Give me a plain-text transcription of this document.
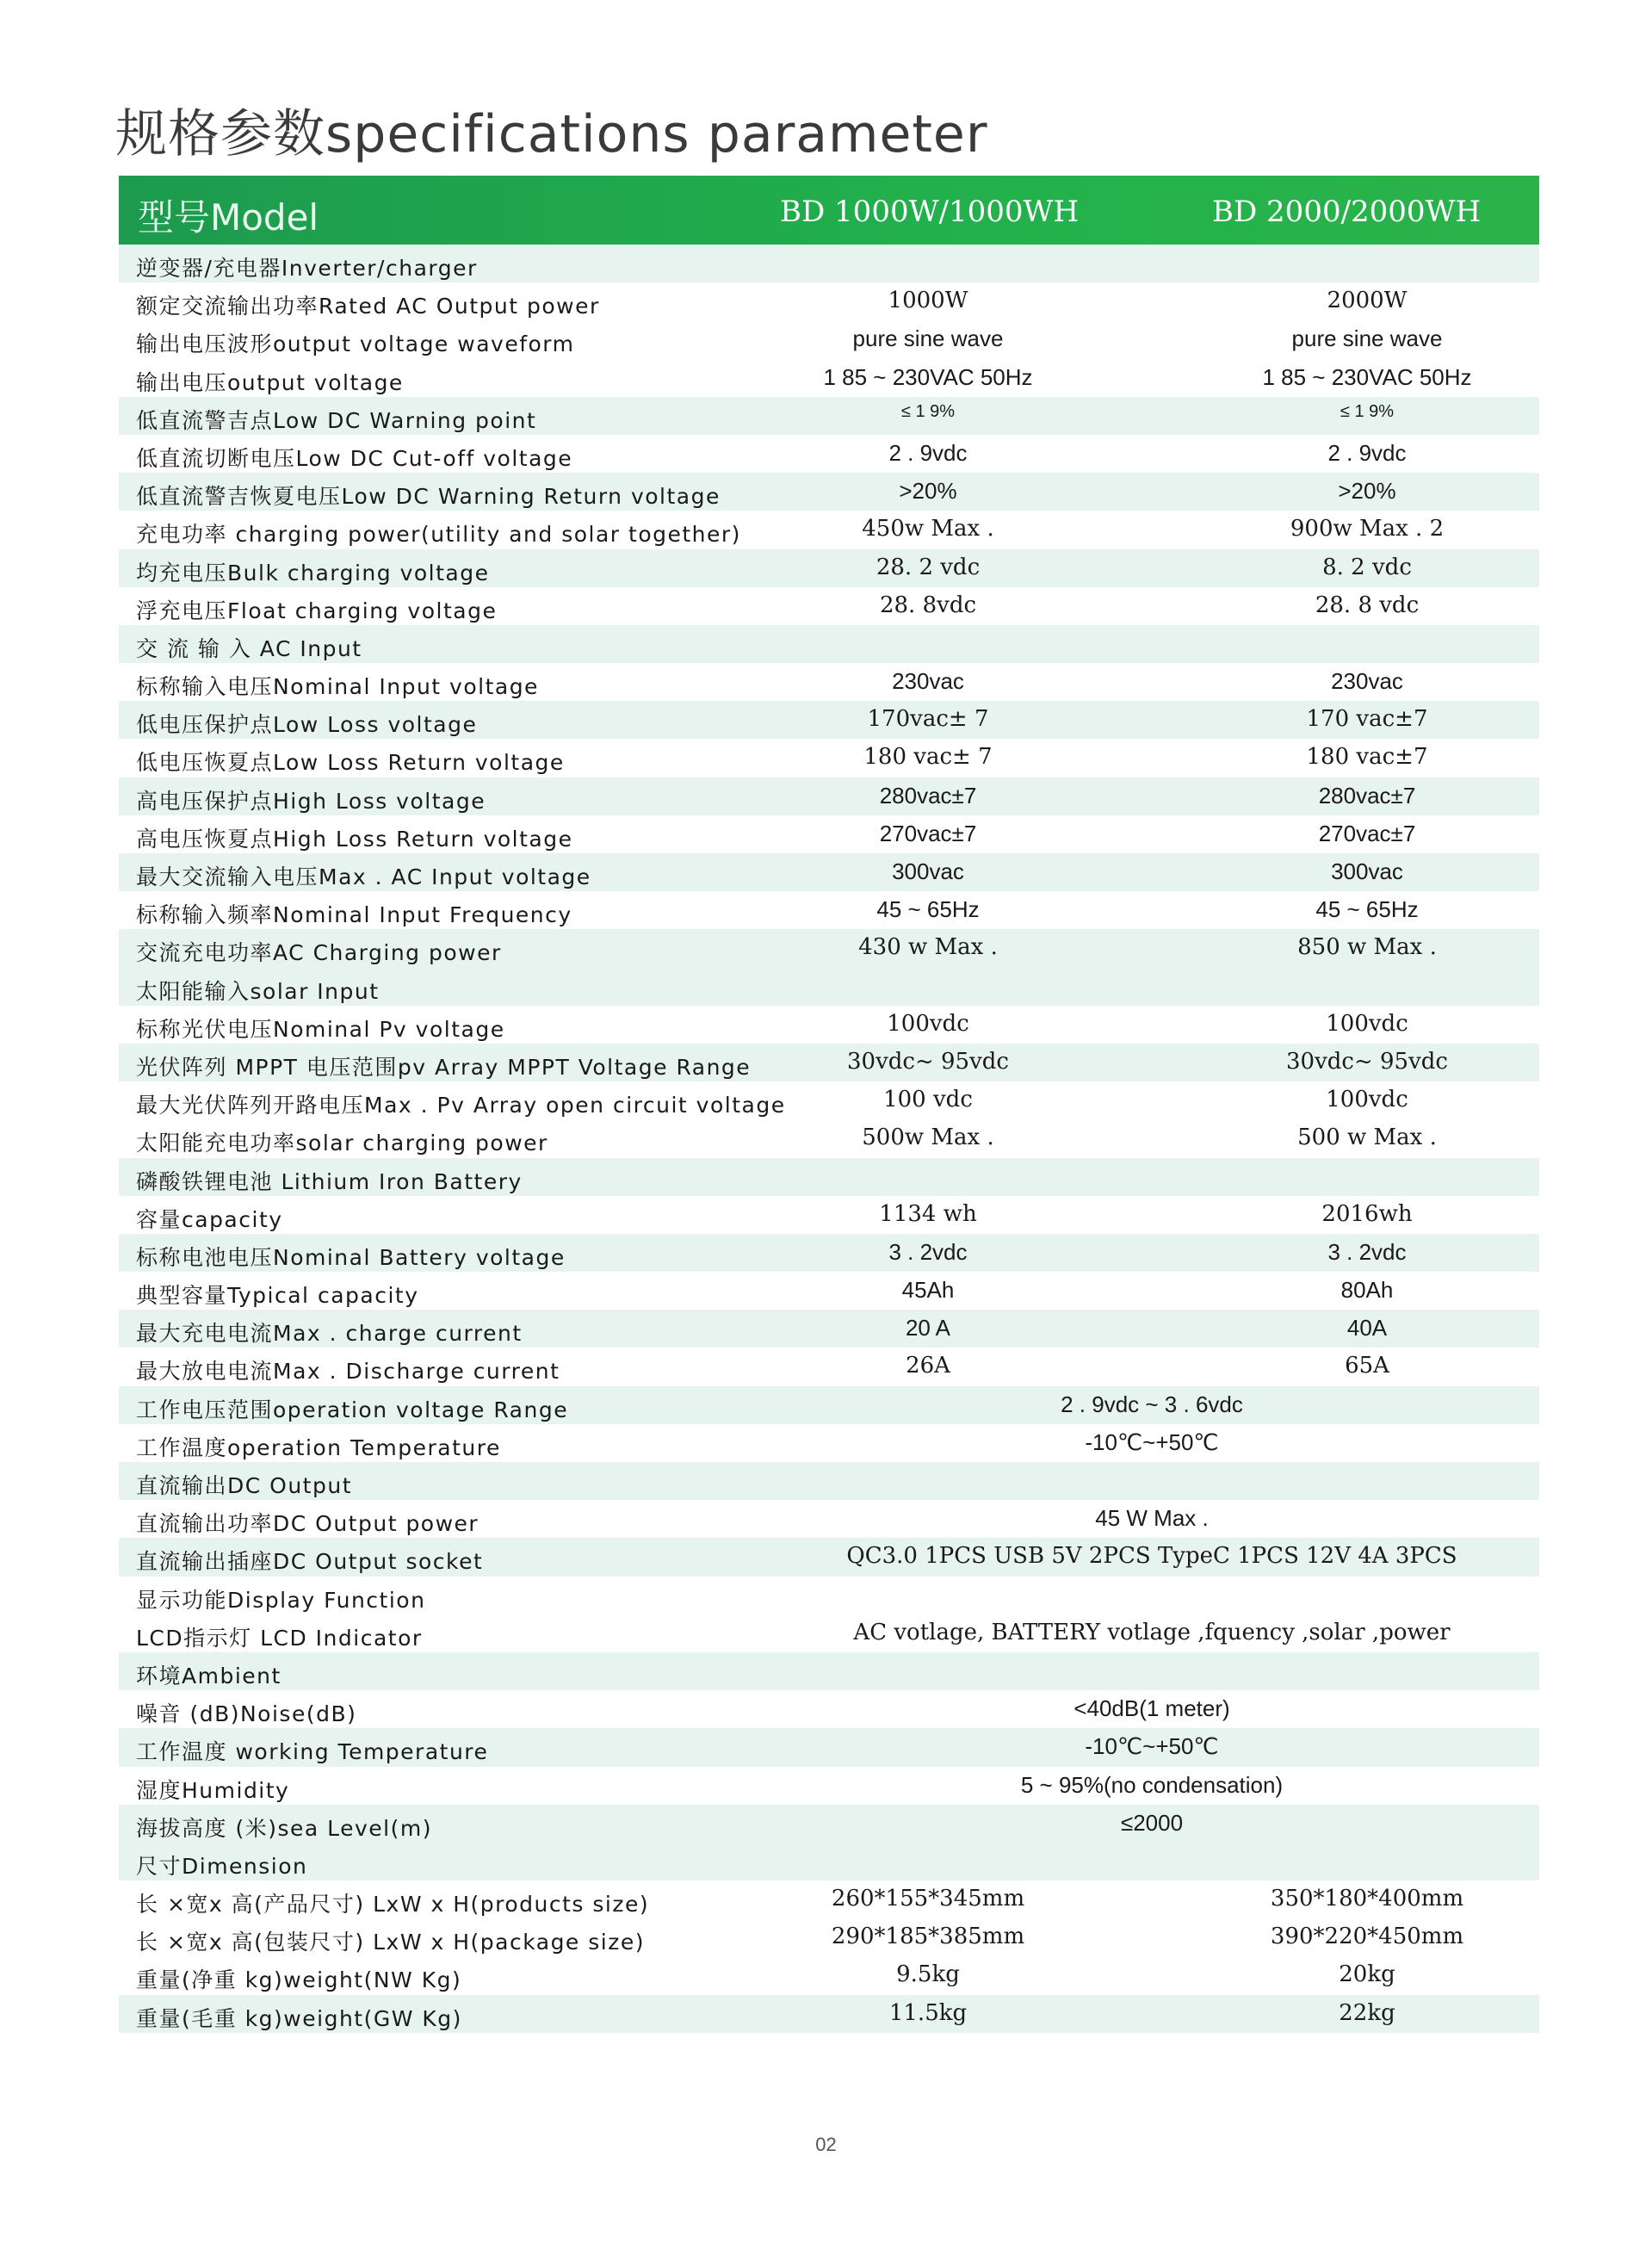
规格参数specifications parameter
型号Model	BD 1000W/1000WH	BD 2000/2000WH
逆变器/充电器Inverter/charger
额定交流输出功率Rated AC Output power	1000W	2000W
输出电压波形output voltage waveform	pure sine wave	pure sine wave
输出电压output voltage	1 85 ~ 230VAC 50Hz	1 85 ~ 230VAC 50Hz
低直流警吉点Low DC Warning point	≤ 1 9%	≤ 1 9%
低直流切断电压Low DC Cut-off voltage	2 . 9vdc	2 . 9vdc
低直流警吉恢夏电压Low DC Warning Return voltage	>20%	>20%
充电功率 charging power(utility and solar together)	450w Max .	900w Max . 2
均充电压Bulk charging voltage	28. 2 vdc	8. 2 vdc
浮充电压Float charging voltage	28. 8vdc	28. 8 vdc
交 流 输 入 AC Input
标称输入电压Nominal Input voltage	230vac	230vac
低电压保护点Low Loss voltage	170vac± 7	170 vac±7
低电压恢夏点Low Loss Return voltage	180 vac± 7	180 vac±7
高电压保护点High Loss voltage	280vac±7	280vac±7
高电压恢夏点High Loss Return voltage	270vac±7	270vac±7
最大交流输入电压Max . AC Input voltage	300vac	300vac
标称输入频率Nominal Input Frequency	45 ~ 65Hz	45 ~ 65Hz
交流充电功率AC Charging power	430 w Max .	850 w Max .
太阳能输入solar Input
标称光伏电压Nominal Pv voltage	100vdc	100vdc
光伏阵列 MPPT 电压范围pv Array MPPT Voltage Range	30vdc~ 95vdc	30vdc~ 95vdc
最大光伏阵列开路电压Max . Pv Array open circuit voltage	100 vdc	100vdc
太阳能充电功率solar charging power	500w Max .	500 w Max .
磷酸铁锂电池 Lithium Iron Battery
容量capacity	1134 wh	2016wh
标称电池电压Nominal Battery voltage	3 . 2vdc	3 . 2vdc
典型容量Typical capacity	45Ah	80Ah
最大充电电流Max . charge current	20 A	40A
最大放电电流Max . Discharge current	26A	65A
工作电压范围operation voltage Range	2 . 9vdc ~ 3 . 6vdc
工作温度operation Temperature	-10℃~+50℃
直流输出DC Output
直流输出功率DC Output power	45 W Max .
直流输出插座DC Output socket	QC3.0 1PCS USB 5V 2PCS TypeC 1PCS 12V 4A 3PCS
显示功能Display Function
LCD指示灯 LCD Indicator	AC votlage, BATTERY votlage ,fquency ,solar ,power
环境Ambient
噪音 (dB)Noise(dB)	<40dB(1 meter)
工作温度 working Temperature	-10℃~+50℃
湿度Humidity	5 ~ 95%(no condensation)
海拔高度 (米)sea Level(m)	≤2000
尺寸Dimension
长 ×宽x 高(产品尺寸) LxW x H(products size)	260*155*345mm	350*180*400mm
长 ×宽x 高(包装尺寸) LxW x H(package size)	290*185*385mm	390*220*450mm
重量(净重 kg)weight(NW Kg)	9.5kg	20kg
重量(毛重 kg)weight(GW Kg)	11.5kg	22kg
02
